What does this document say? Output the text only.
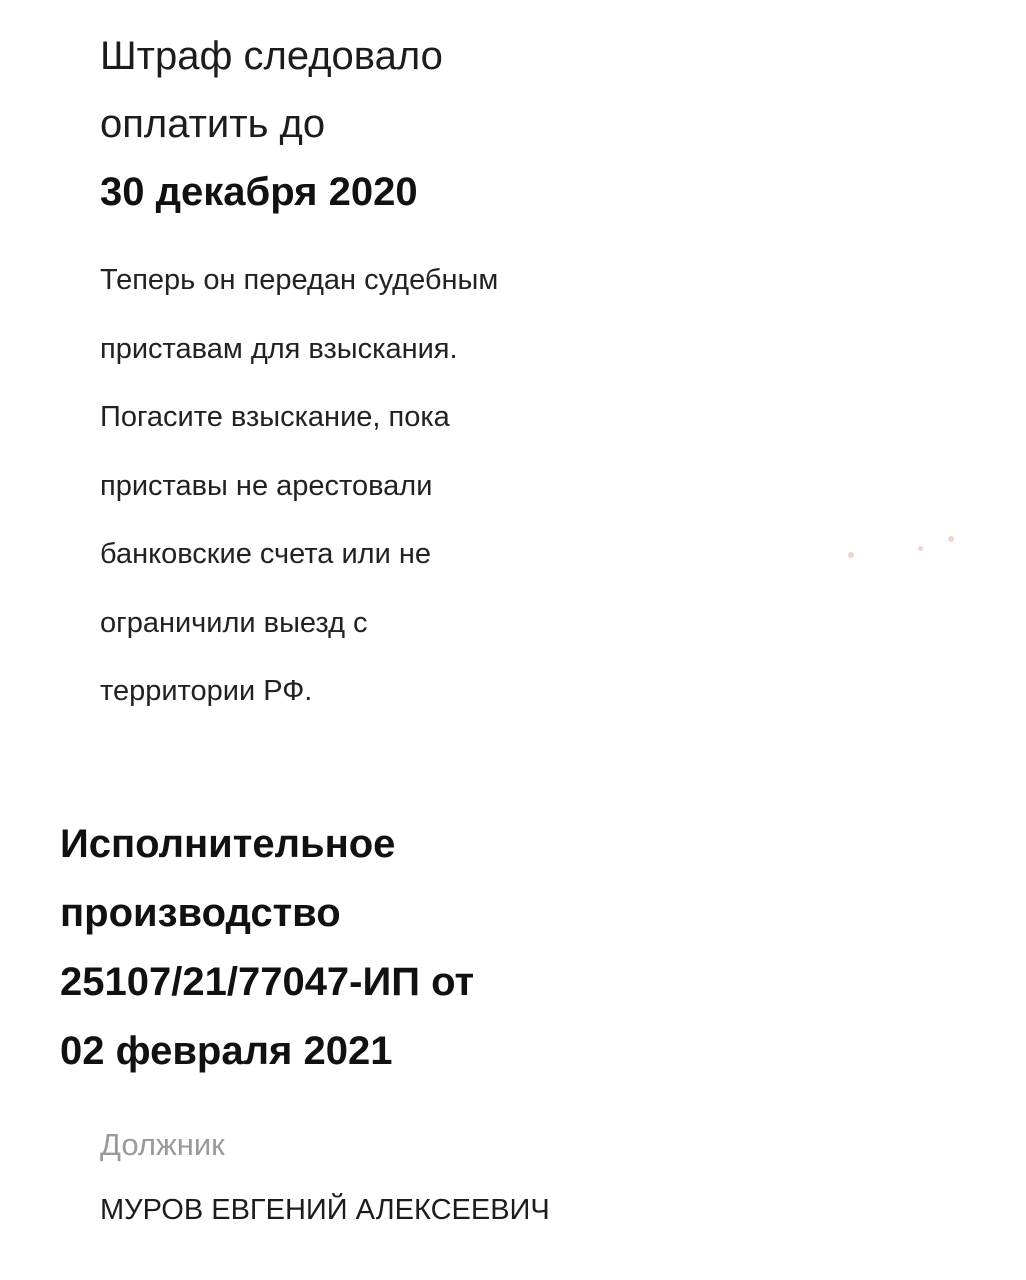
Штраф следовало
оплатить до
30 декабря 2020
Теперь он передан судебным
приставам для взыскания.
Погасите взыскание, пока
приставы не арестовали
банковские счета или не
ограничили выезд с
территории РФ.
Исполнительное
производство
25107/21/77047-ИП от
02 февраля 2021
Должник
МУРОВ ЕВГЕНИЙ АЛЕКСЕЕВИЧ
